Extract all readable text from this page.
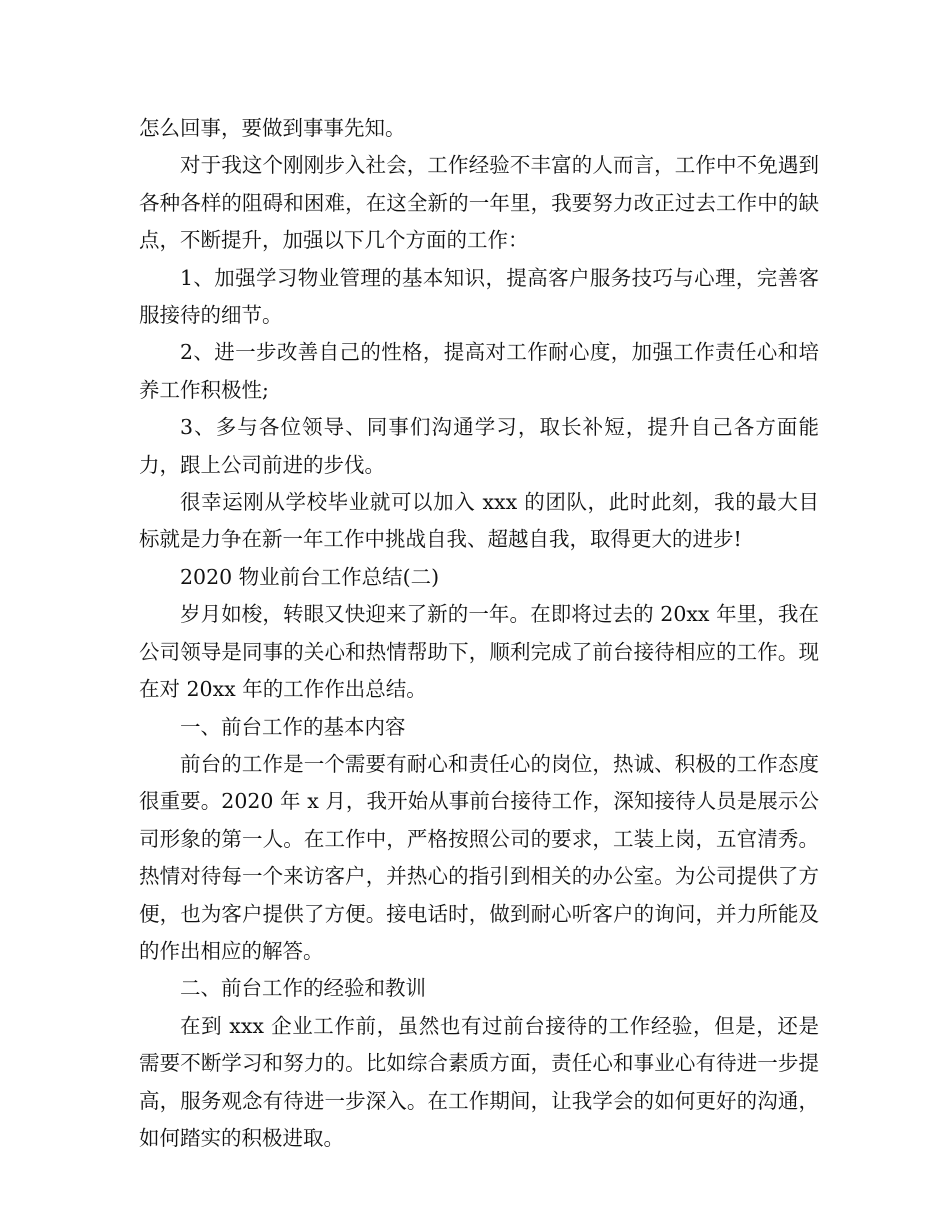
怎么回事，要做到事事先知。

对于我这个刚刚步入社会，工作经验不丰富的人而言，工作中不免遇到各种各样的阻碍和困难，在这全新的一年里，我要努力改正过去工作中的缺点，不断提升，加强以下几个方面的工作：

1、加强学习物业管理的基本知识，提高客户服务技巧与心理，完善客服接待的细节。

2、进一步改善自己的性格，提高对工作耐心度，加强工作责任心和培养工作积极性;

3、多与各位领导、同事们沟通学习，取长补短，提升自己各方面能力，跟上公司前进的步伐。

很幸运刚从学校毕业就可以加入 xxx 的团队，此时此刻，我的最大目标就是力争在新一年工作中挑战自我、超越自我，取得更大的进步!

2020 物业前台工作总结(二)

岁月如梭，转眼又快迎来了新的一年。在即将过去的 20xx 年里，我在公司领导是同事的关心和热情帮助下，顺利完成了前台接待相应的工作。现在对 20xx 年的工作作出总结。

一、前台工作的基本内容

前台的工作是一个需要有耐心和责任心的岗位，热诚、积极的工作态度很重要。2020 年 x 月，我开始从事前台接待工作，深知接待人员是展示公司形象的第一人。在工作中，严格按照公司的要求，工装上岗，五官清秀。热情对待每一个来访客户，并热心的指引到相关的办公室。为公司提供了方便，也为客户提供了方便。接电话时，做到耐心听客户的询问，并力所能及的作出相应的解答。

二、前台工作的经验和教训

在到 xxx 企业工作前，虽然也有过前台接待的工作经验，但是，还是需要不断学习和努力的。比如综合素质方面，责任心和事业心有待进一步提高，服务观念有待进一步深入。在工作期间，让我学会的如何更好的沟通，如何踏实的积极进取。
